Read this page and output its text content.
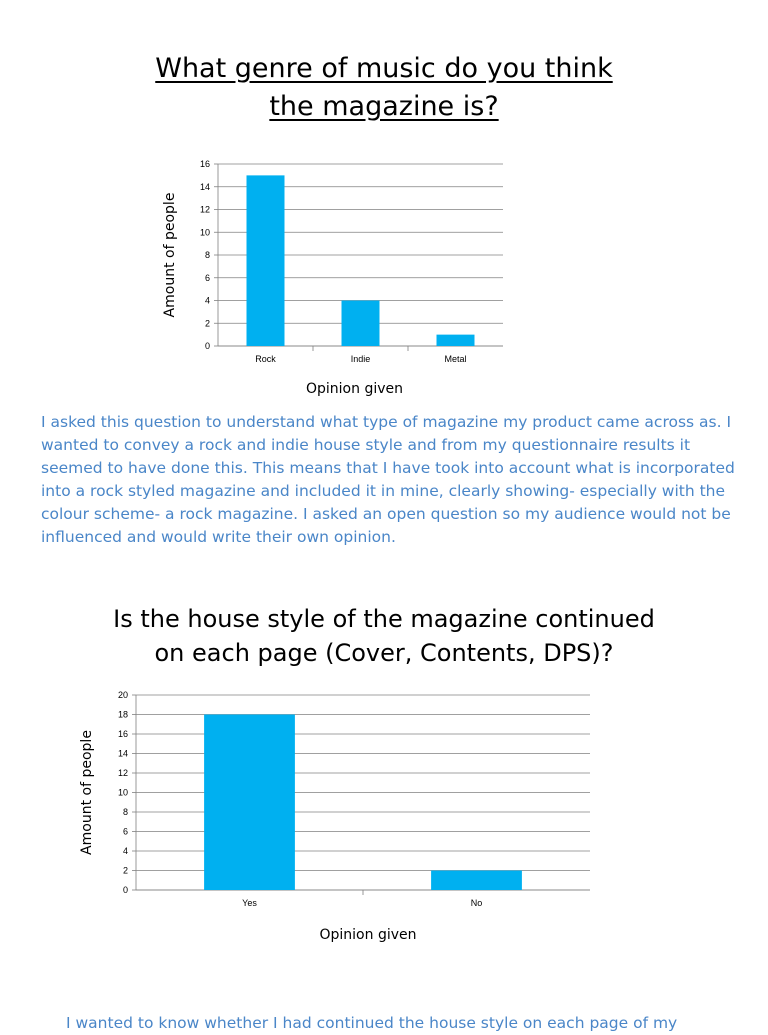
What genre of music do you think
the magazine is?
0
2
4
6
8
10
12
14
16
Rock	Indie	Metal
Opinion given
Amount of people

I asked this question to understand what type of magazine my product came across as. I wanted to convey a rock and indie house style and from my questionnaire results it seemed to have done this. This means that I have took into account what is incorporated into a rock styled magazine and included it in mine, clearly showing- especially with the colour scheme- a rock magazine. I asked an open question so my audience would not be influenced and would write their own opinion.

Is the house style of the magazine continued
on each page (Cover, Contents, DPS)?
0
2
4
6
8
10
12
14
16
18
20
Yes	No
Opinion given
Amount of people

I wanted to know whether I had continued the house style on each page of my
